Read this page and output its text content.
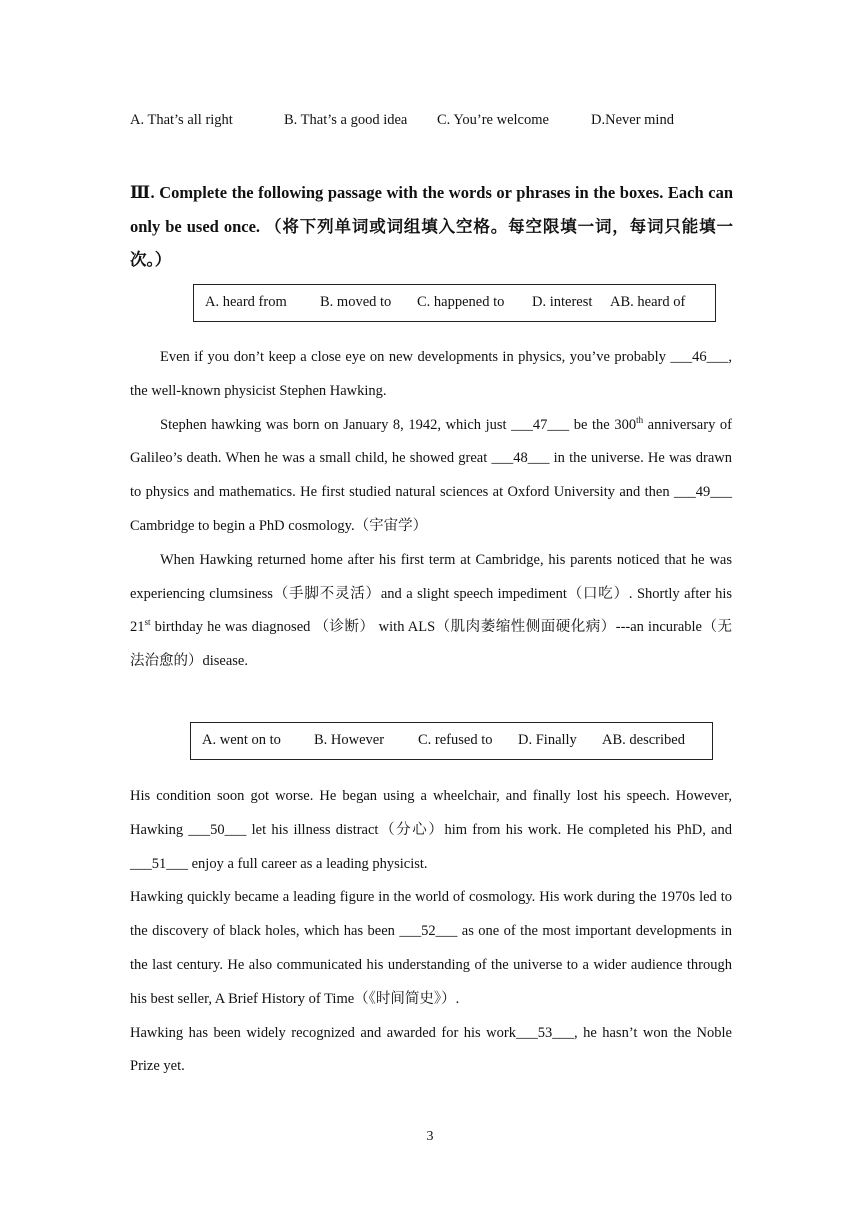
A. That’s all right	B. That’s a good idea C. You’re welcome	D.Never mind
Ⅲ. Complete the following passage with the words or phrases in the boxes. Each can only be used once. （将下列单词或词组填入空格。每空限填一词，每词只能填一次。）
A. heard from B. moved to C. happened to D. interest AB. heard of

Even if you don’t keep a close eye on new developments in physics, you’ve probably ___46___, the well-known physicist Stephen Hawking.

Stephen hawking was born on January 8, 1942, which just ___47___ be the 300th anniversary of Galileo’s death. When he was a small child, he showed great ___48___ in the universe. He was drawn to physics and mathematics. He first studied natural sciences at Oxford University and then ___49___ Cambridge to begin a PhD cosmology.（宇宙学）

When Hawking returned home after his first term at Cambridge, his parents noticed that he was experiencing clumsiness（手脚不灵活）and a slight speech impediment（口吃）. Shortly after his 21st birthday he was diagnosed （诊断） with ALS（肌肉萎缩性侧面硬化病）---an incurable（无法治愈的）disease.

A. went on to B. However C. refused to D. Finally AB. described

His condition soon got worse. He began using a wheelchair, and finally lost his speech. However, Hawking ___50___ let his illness distract（分心）him from his work. He completed his PhD, and ___51___ enjoy a full career as a leading physicist.

Hawking quickly became a leading figure in the world of cosmology. His work during the 1970s led to the discovery of black holes, which has been ___52___ as one of the most important developments in the last century. He also communicated his understanding of the universe to a wider audience through his best seller, A Brief History of Time（《时间简史》）.

Hawking has been widely recognized and awarded for his work___53___, he hasn’t won the Noble Prize yet.

3
